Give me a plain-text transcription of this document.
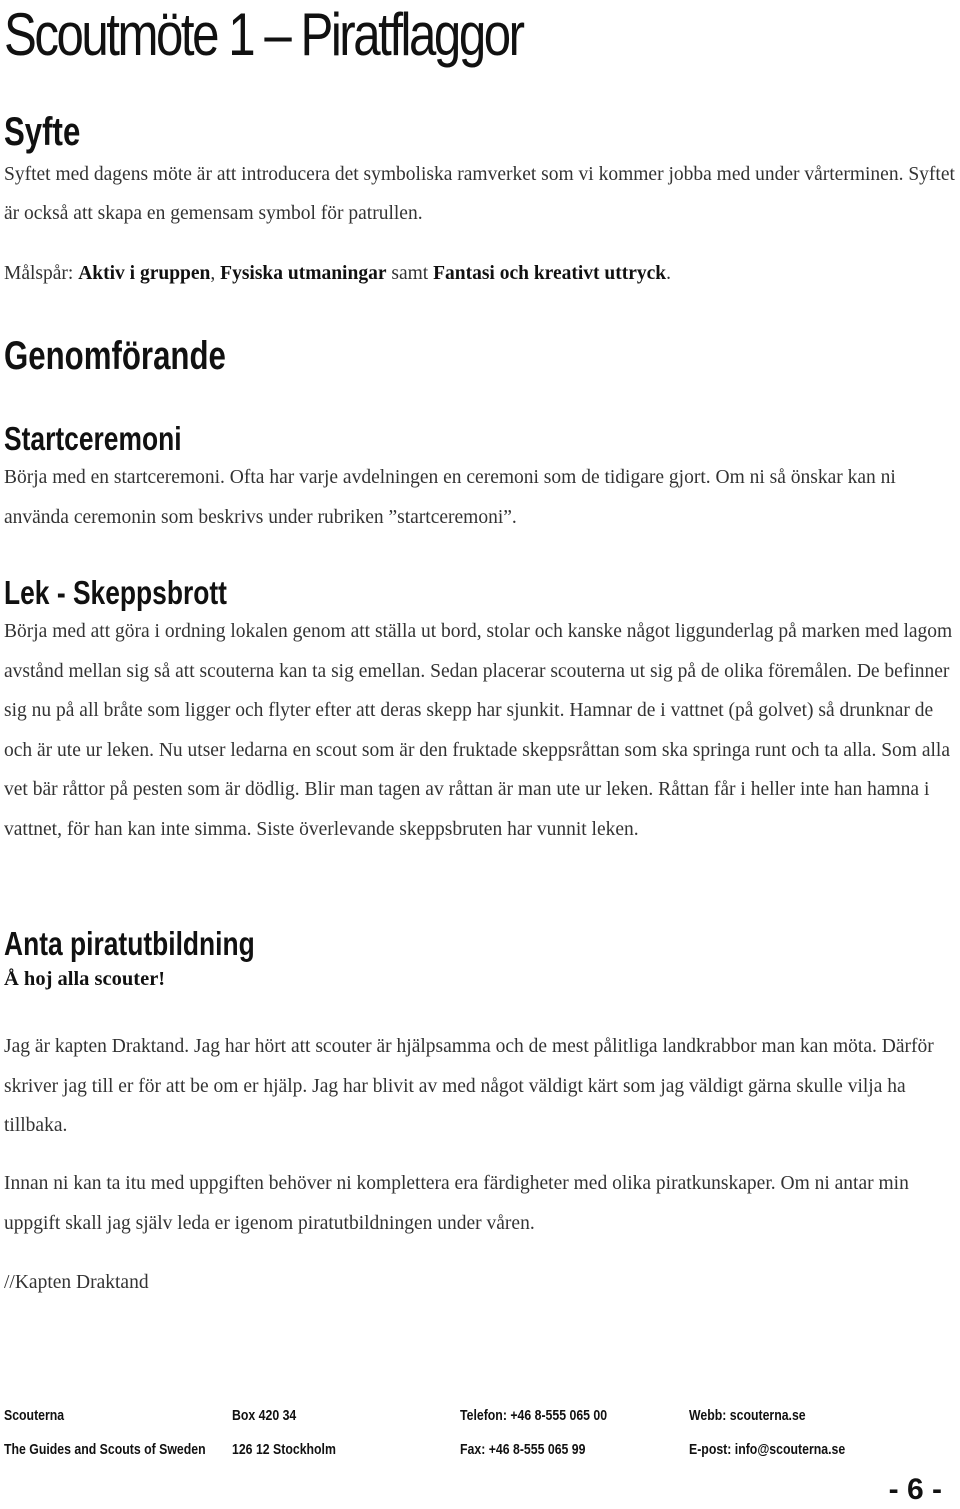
Scoutmöte 1 – Piratflaggor
Syfte

Syftet med dagens möte är att introducera det symboliska ramverket som vi kommer jobba med under vårterminen. Syftet är också att skapa en gemensam symbol för patrullen.

Målspår: Aktiv i gruppen, Fysiska utmaningar samt Fantasi och kreativt uttryck.

Genomförande
Startceremoni

Börja med en startceremoni. Ofta har varje avdelningen en ceremoni som de tidigare gjort. Om ni så önskar kan ni använda ceremonin som beskrivs under rubriken ”startceremoni”.

Lek - Skeppsbrott

Börja med att göra i ordning lokalen genom att ställa ut bord, stolar och kanske något liggunderlag på marken med lagom avstånd mellan sig så att scouterna kan ta sig emellan. Sedan placerar scouterna ut sig på de olika föremålen. De befinner sig nu på all bråte som ligger och flyter efter att deras skepp har sjunkit. Hamnar de i vattnet (på golvet) så drunknar de och är ute ur leken. Nu utser ledarna en scout som är den fruktade skeppsråttan som ska springa runt och ta alla. Som alla vet bär råttor på pesten som är dödlig. Blir man tagen av råttan är man ute ur leken. Råttan får i heller inte han hamna i vattnet, för han kan inte simma. Siste överlevande skeppsbruten har vunnit leken.

Anta piratutbildning

Å hoj alla scouter!

Jag är kapten Draktand. Jag har hört att scouter är hjälpsamma och de mest pålitliga landkrabbor man kan möta. Därför skriver jag till er för att be om er hjälp. Jag har blivit av med något väldigt kärt som jag väldigt gärna skulle vilja ha tillbaka.

Innan ni kan ta itu med uppgiften behöver ni komplettera era färdigheter med olika piratkunskaper. Om ni antar min uppgift skall jag själv leda er igenom piratutbildningen under våren.

//Kapten Draktand

Scouterna
The Guides and Scouts of Sweden
Box 420 34
126 12 Stockholm
Telefon: +46 8-555 065 00
Fax: +46 8-555 065 99
Webb: scouterna.se
E-post: info@scouterna.se
- 6 -
